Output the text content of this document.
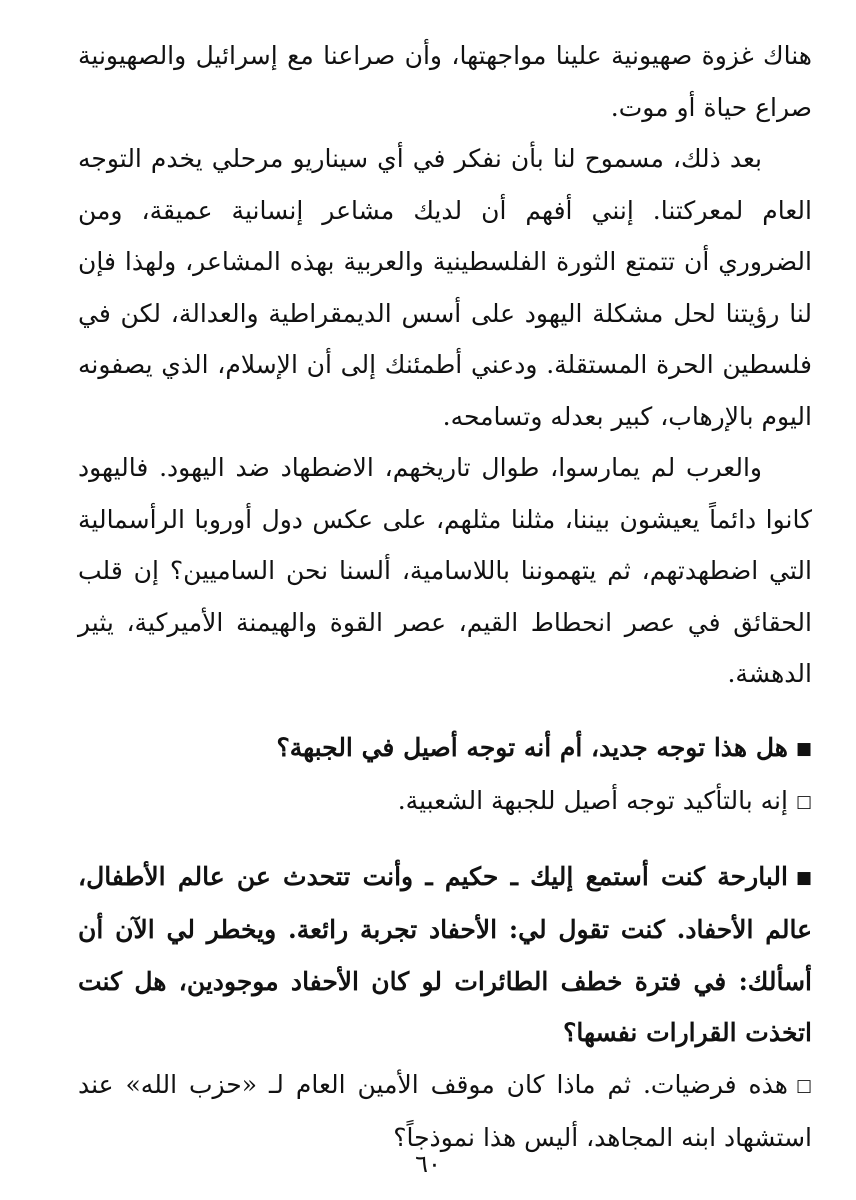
هناك غزوة صهيونية علينا مواجهتها، وأن صراعنا مع إسرائيل والصهيونية صراع حياة أو موت.

بعد ذلك، مسموح لنا بأن نفكر في أي سيناريو مرحلي يخدم التوجه العام لمعركتنا. إنني أفهم أن لديك مشاعر إنسانية عميقة، ومن الضروري أن تتمتع الثورة الفلسطينية والعربية بهذه المشاعر، ولهذا فإن لنا رؤيتنا لحل مشكلة اليهود على أسس الديمقراطية والعدالة، لكن في فلسطين الحرة المستقلة. ودعني أطمئنك إلى أن الإسلام، الذي يصفونه اليوم بالإرهاب، كبير بعدله وتسامحه.

والعرب لم يمارسوا، طوال تاريخهم، الاضطهاد ضد اليهود. فاليهود كانوا دائماً يعيشون بيننا، مثلنا مثلهم، على عكس دول أوروبا الرأسمالية التي اضطهدتهم، ثم يتهموننا باللاسامية، ألسنا نحن الساميين؟ إن قلب الحقائق في عصر انحطاط القيم، عصر القوة والهيمنة الأميركية، يثير الدهشة.

■هل هذا توجه جديد، أم أنه توجه أصيل في الجبهة؟

□إنه بالتأكيد توجه أصيل للجبهة الشعبية.

■البارحة كنت أستمع إليك ـ حكيم ـ وأنت تتحدث عن عالم الأطفال، عالم الأحفاد. كنت تقول لي: الأحفاد تجربة رائعة. ويخطر لي الآن أن أسألك: في فترة خطف الطائرات لو كان الأحفاد موجودين، هل كنت اتخذت القرارات نفسها؟

□هذه فرضيات. ثم ماذا كان موقف الأمين العام لـ «حزب الله» عند استشهاد ابنه المجاهد، أليس هذا نموذجاً؟

٦٠
